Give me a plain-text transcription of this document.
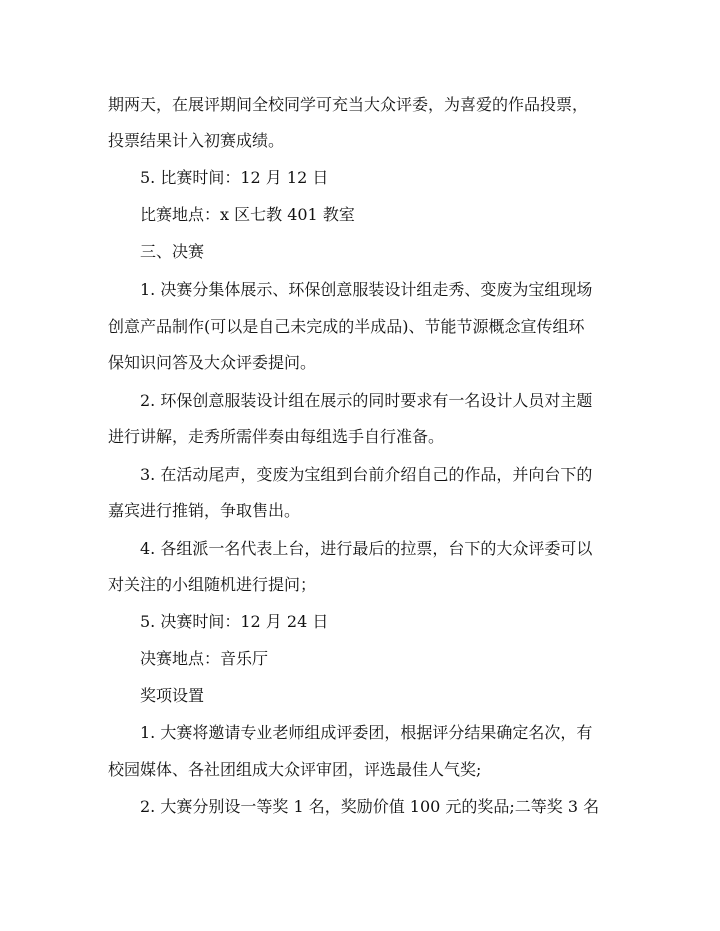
期两天，在展评期间全校同学可充当大众评委，为喜爱的作品投票，
投票结果计入初赛成绩。
5. 比赛时间：12 月 12 日
比赛地点：x 区七教 401 教室
三、决赛
1. 决赛分集体展示、环保创意服装设计组走秀、变废为宝组现场
创意产品制作(可以是自己未完成的半成品)、节能节源概念宣传组环
保知识问答及大众评委提问。
2. 环保创意服装设计组在展示的同时要求有一名设计人员对主题
进行讲解，走秀所需伴奏由每组选手自行准备。
3. 在活动尾声，变废为宝组到台前介绍自己的作品，并向台下的
嘉宾进行推销，争取售出。
4. 各组派一名代表上台，进行最后的拉票，台下的大众评委可以
对关注的小组随机进行提问；
5. 决赛时间：12 月 24 日
决赛地点：音乐厅
奖项设置
1. 大赛将邀请专业老师组成评委团，根据评分结果确定名次，有
校园媒体、各社团组成大众评审团，评选最佳人气奖;
2. 大赛分别设一等奖 1 名，奖励价值 100 元的奖品;二等奖 3 名
